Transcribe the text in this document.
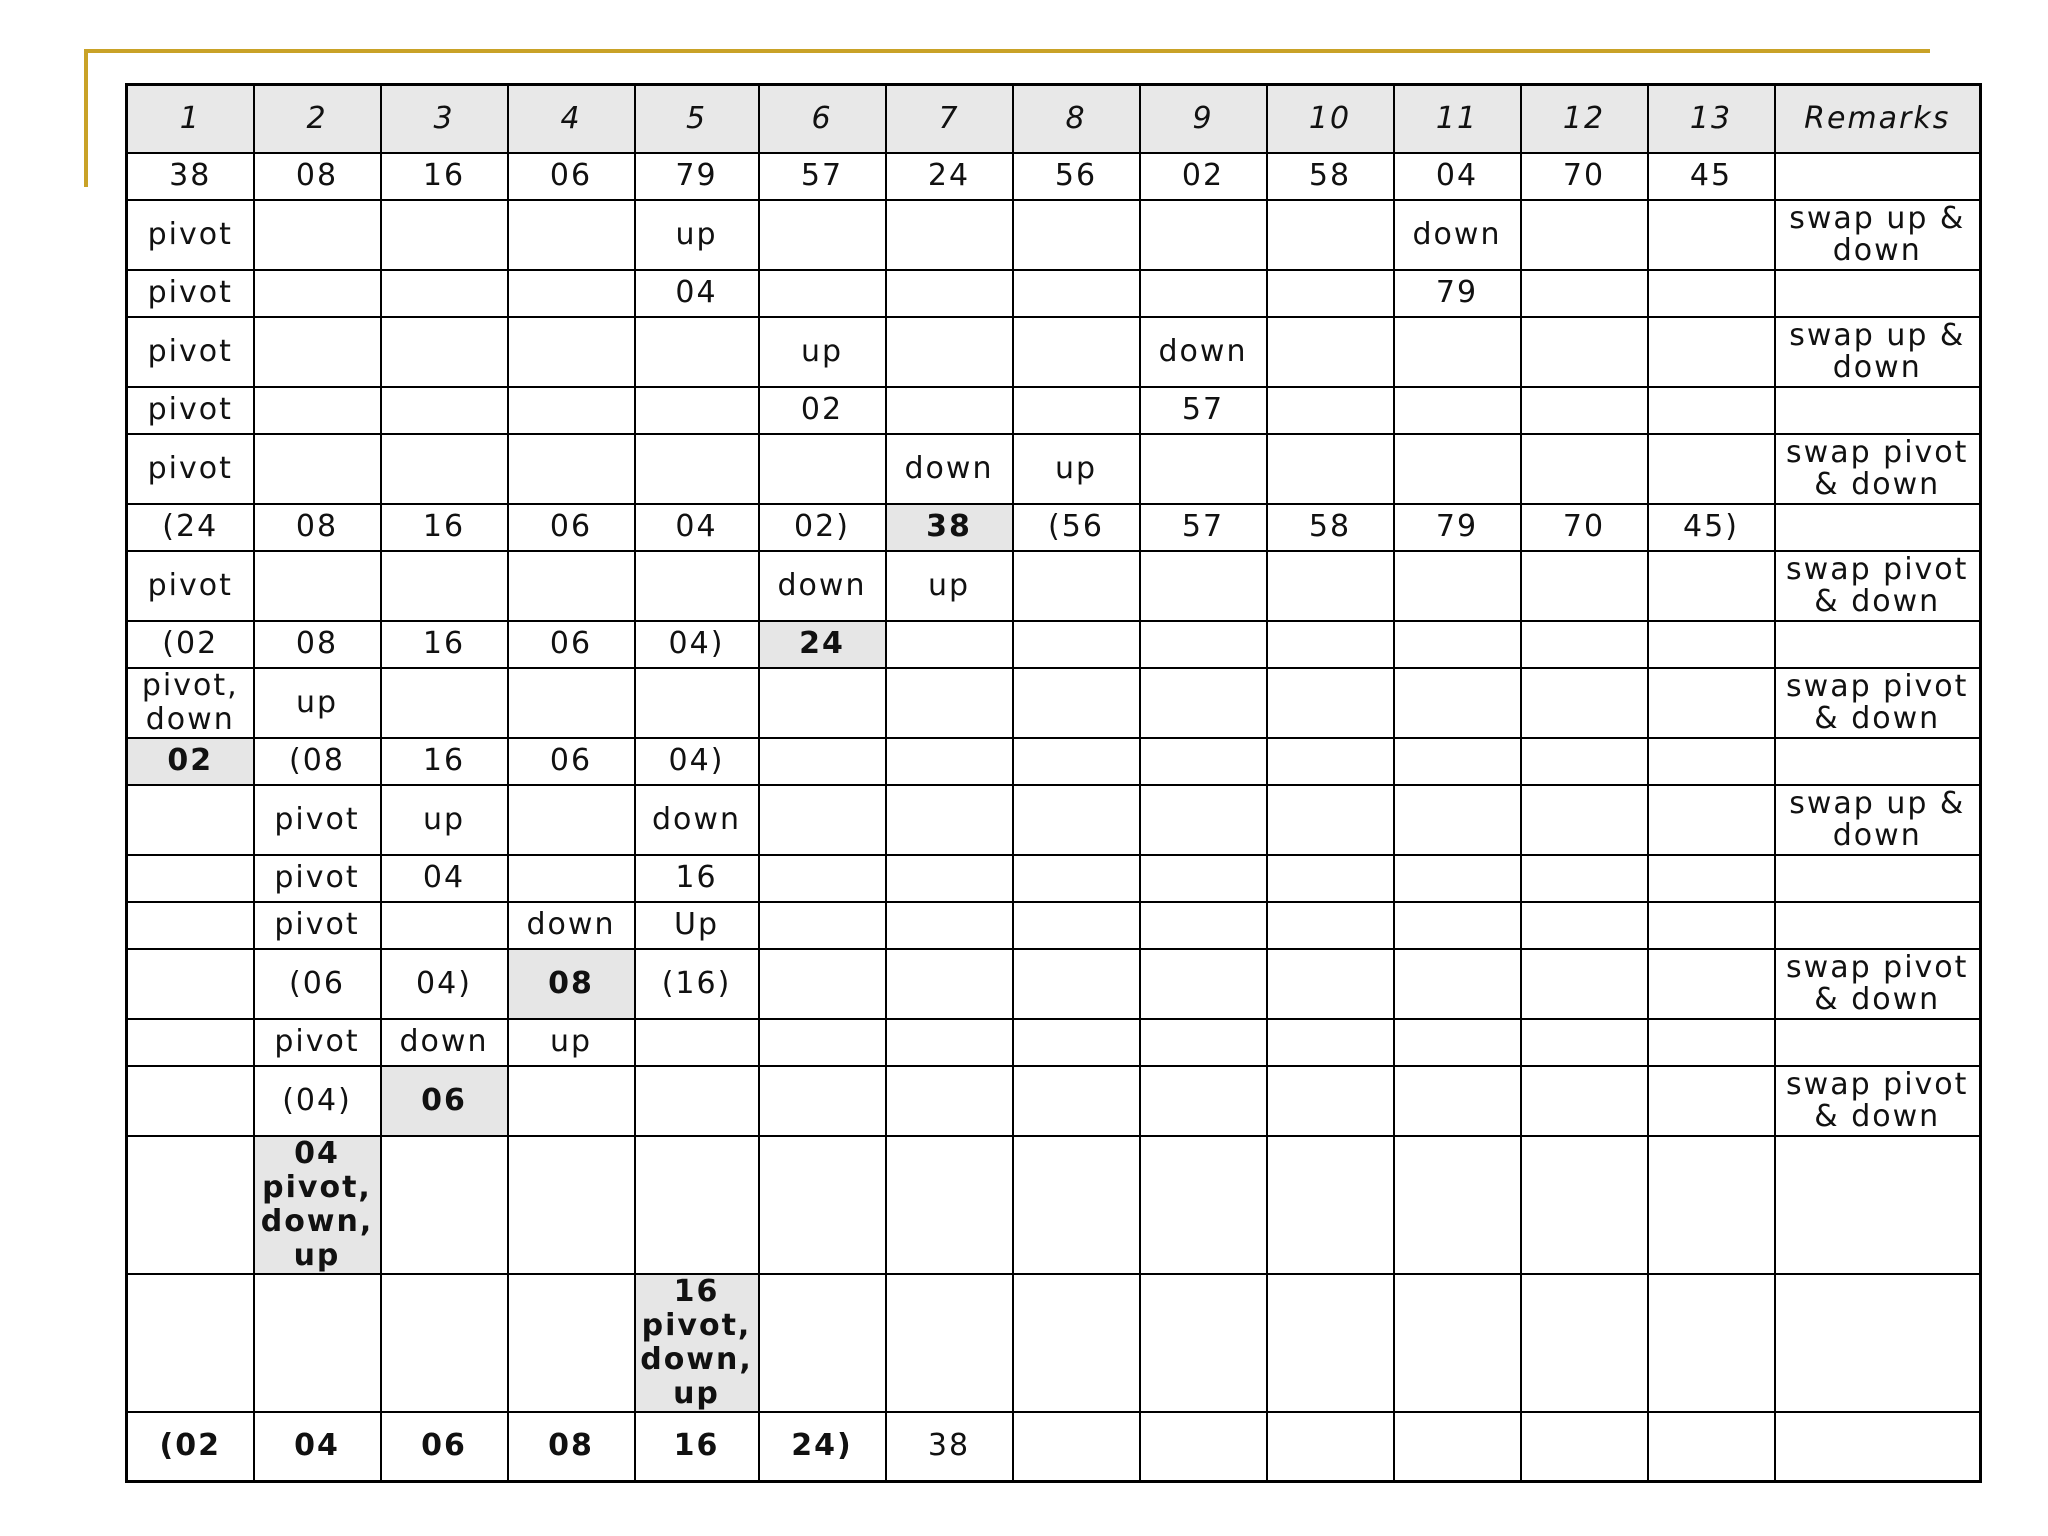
1	2	3	4	5	6	7	8	9	10	11	12	13	Remarks
38	08	16	06	79	57	24	56	02	58	04	70	45	
pivot				up						down			swap up & down
pivot				04						79			
pivot					up			down					swap up & down
pivot					02			57					
pivot						down	up						swap pivot & down
(24	08	16	06	04	02)	38	(56	57	58	79	70	45)	
pivot					down	up							swap pivot & down
(02	08	16	06	04)	24								
pivot, down	up												swap pivot & down
02	(08	16	06	04)									
	pivot	up		down									swap up & down
	pivot	04		16									
	pivot		down	Up									
	(06	04)	08	(16)									swap pivot & down
	pivot	down	up										
	(04)	06											swap pivot & down
	04 pivot, down, up												
				16 pivot, down, up									
(02	04	06	08	16	24)	38							
